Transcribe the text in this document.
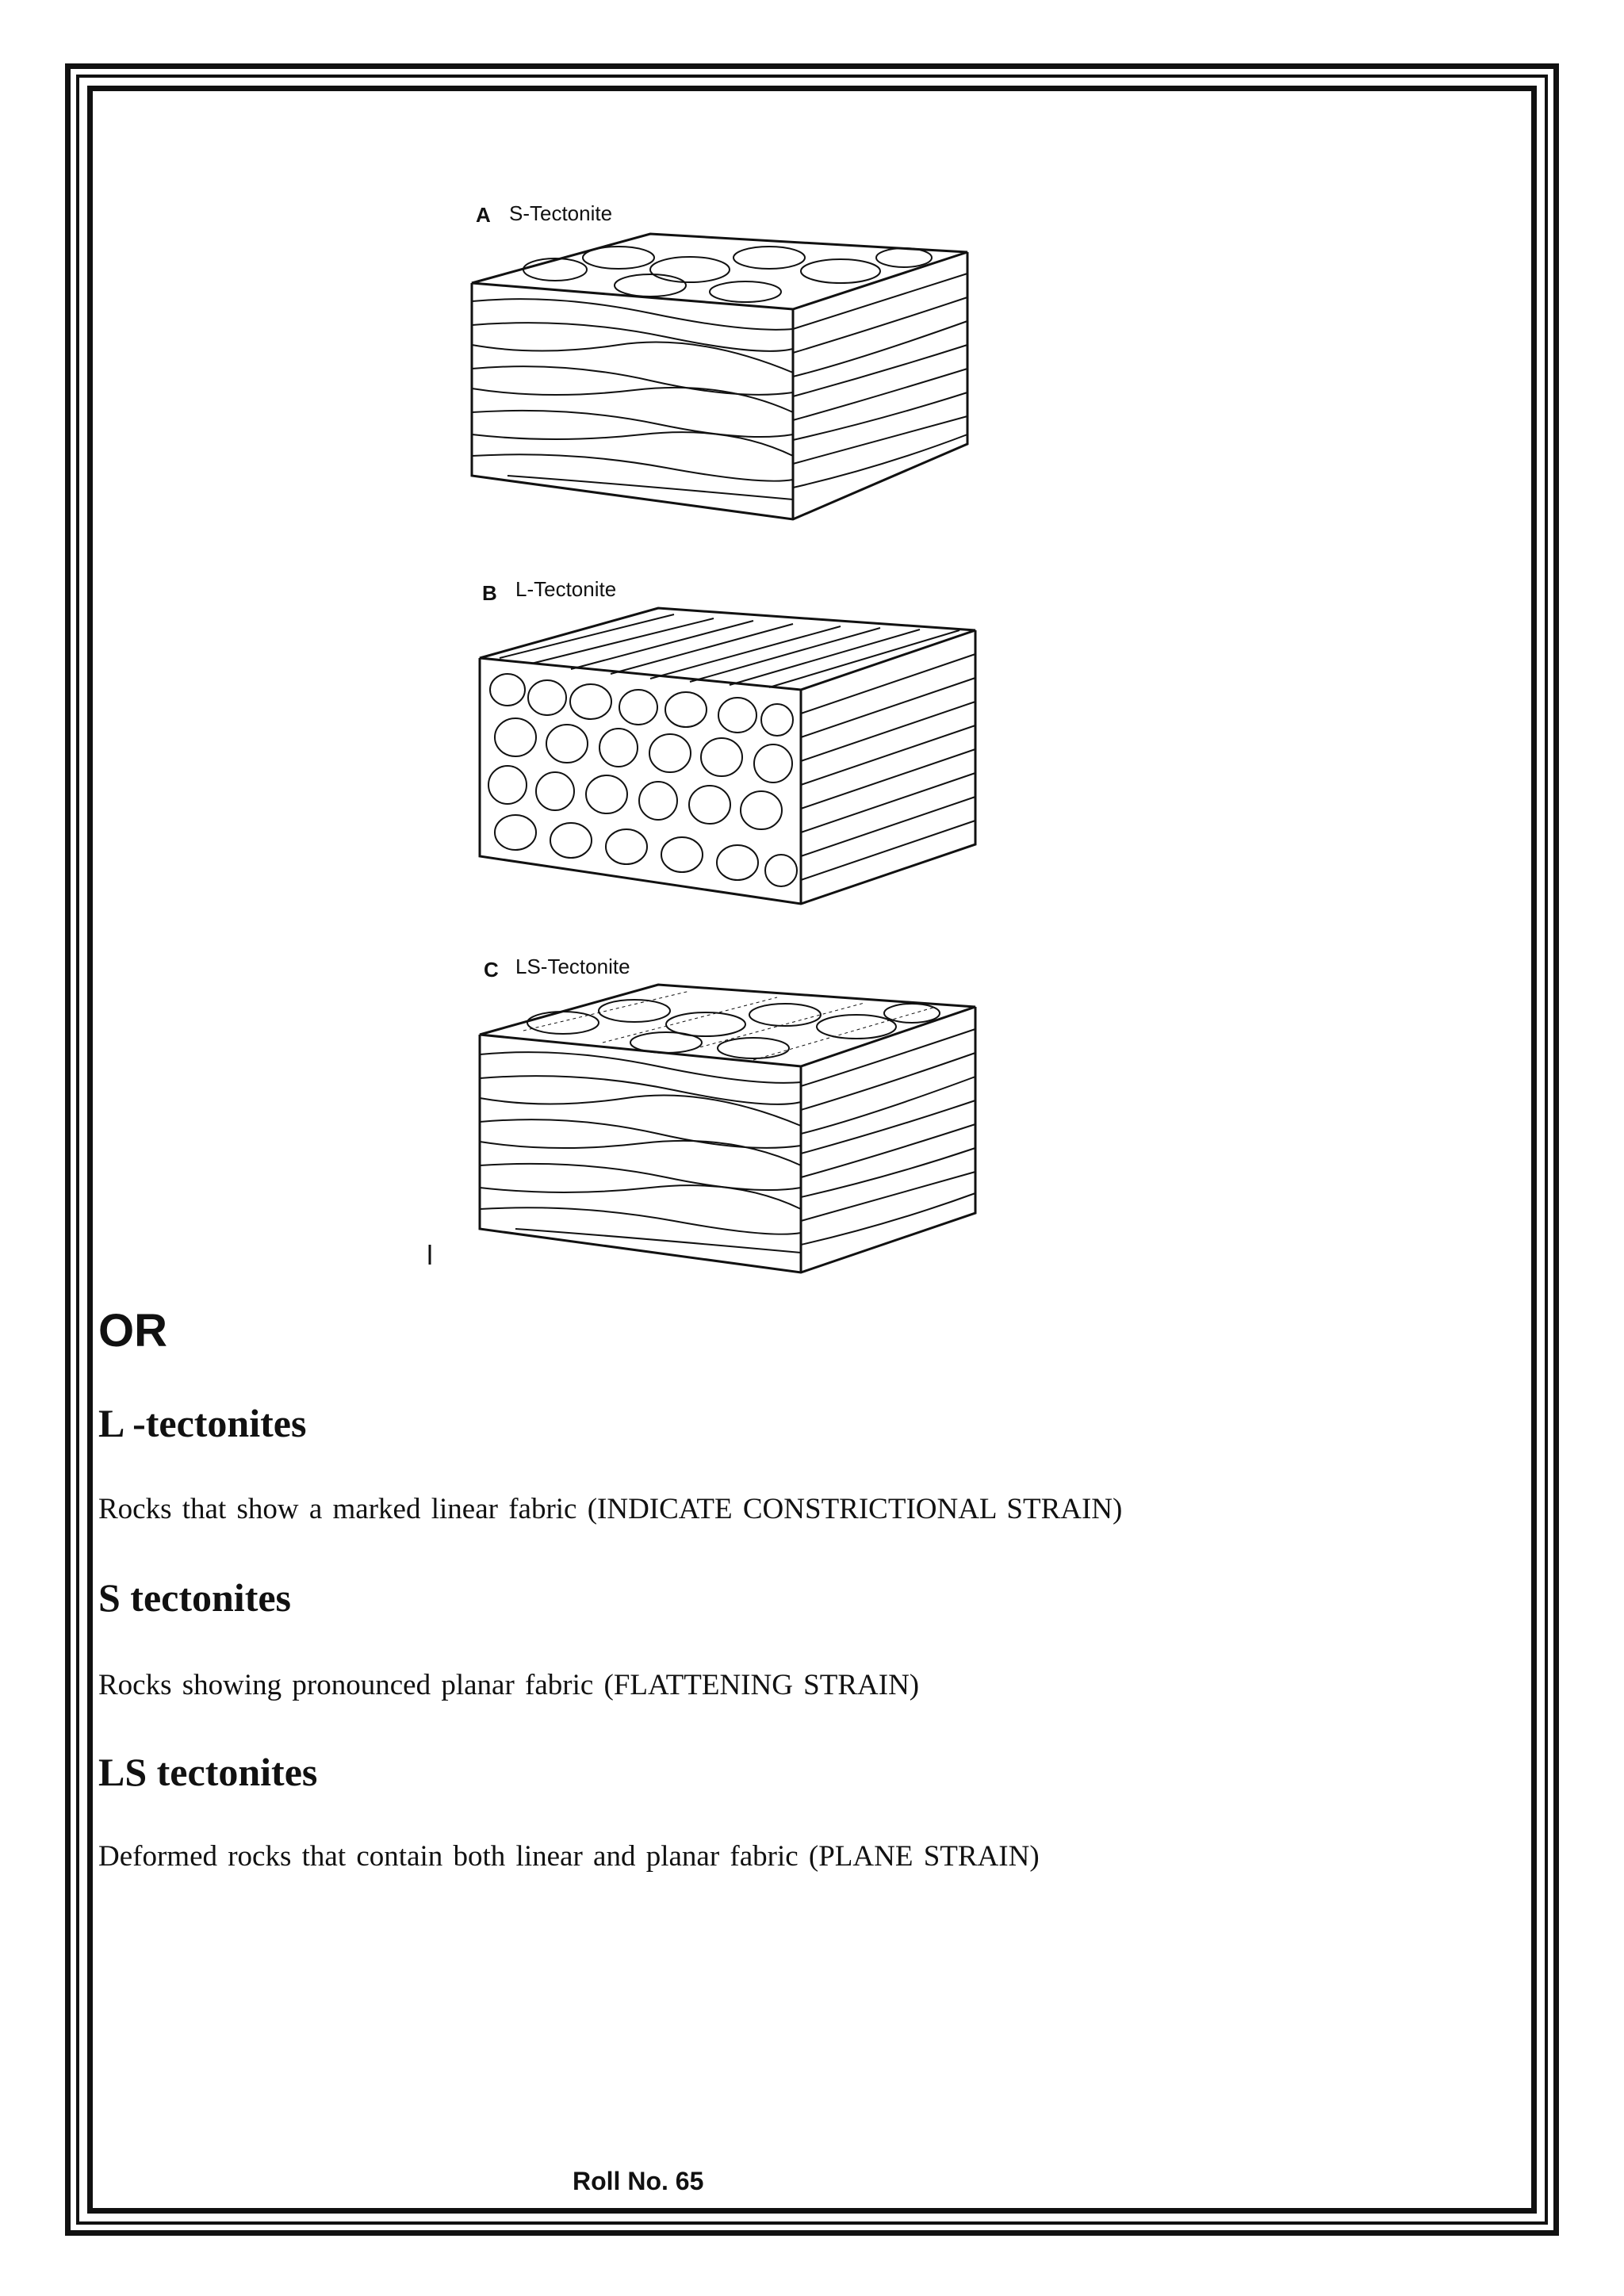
A S-Tectonite
B L-Tectonite
C LS-Tectonite

OR

L -tectonites

Rocks that show a marked linear fabric (INDICATE CONSTRICTIONAL STRAIN)

S tectonites

Rocks showing pronounced planar fabric (FLATTENING STRAIN)

LS tectonites

Deformed rocks that contain both linear and planar fabric (PLANE STRAIN)

Roll No. 65
